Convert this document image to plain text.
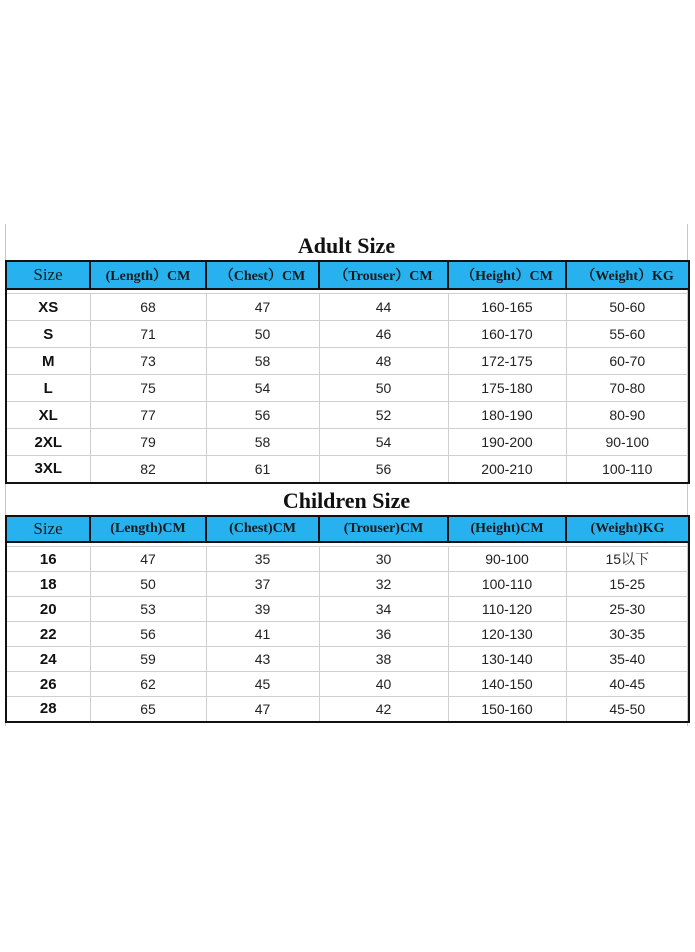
Adult Size
Size	(Length）CM	（Chest）CM	（Trouser）CM	（Height）CM	（Weight）KG

XS	68	47	44	160-165	50-60
S	71	50	46	160-170	55-60
M	73	58	48	172-175	60-70
L	75	54	50	175-180	70-80
XL	77	56	52	180-190	80-90
2XL	79	58	54	190-200	90-100
3XL	82	61	56	200-210	100-110
Children Size
Size	(Length)CM	(Chest)CM	(Trouser)CM	(Height)CM	(Weight)KG

16	47	35	30	90-100	15以下
18	50	37	32	100-110	15-25
20	53	39	34	110-120	25-30
22	56	41	36	120-130	30-35
24	59	43	38	130-140	35-40
26	62	45	40	140-150	40-45
28	65	47	42	150-160	45-50
